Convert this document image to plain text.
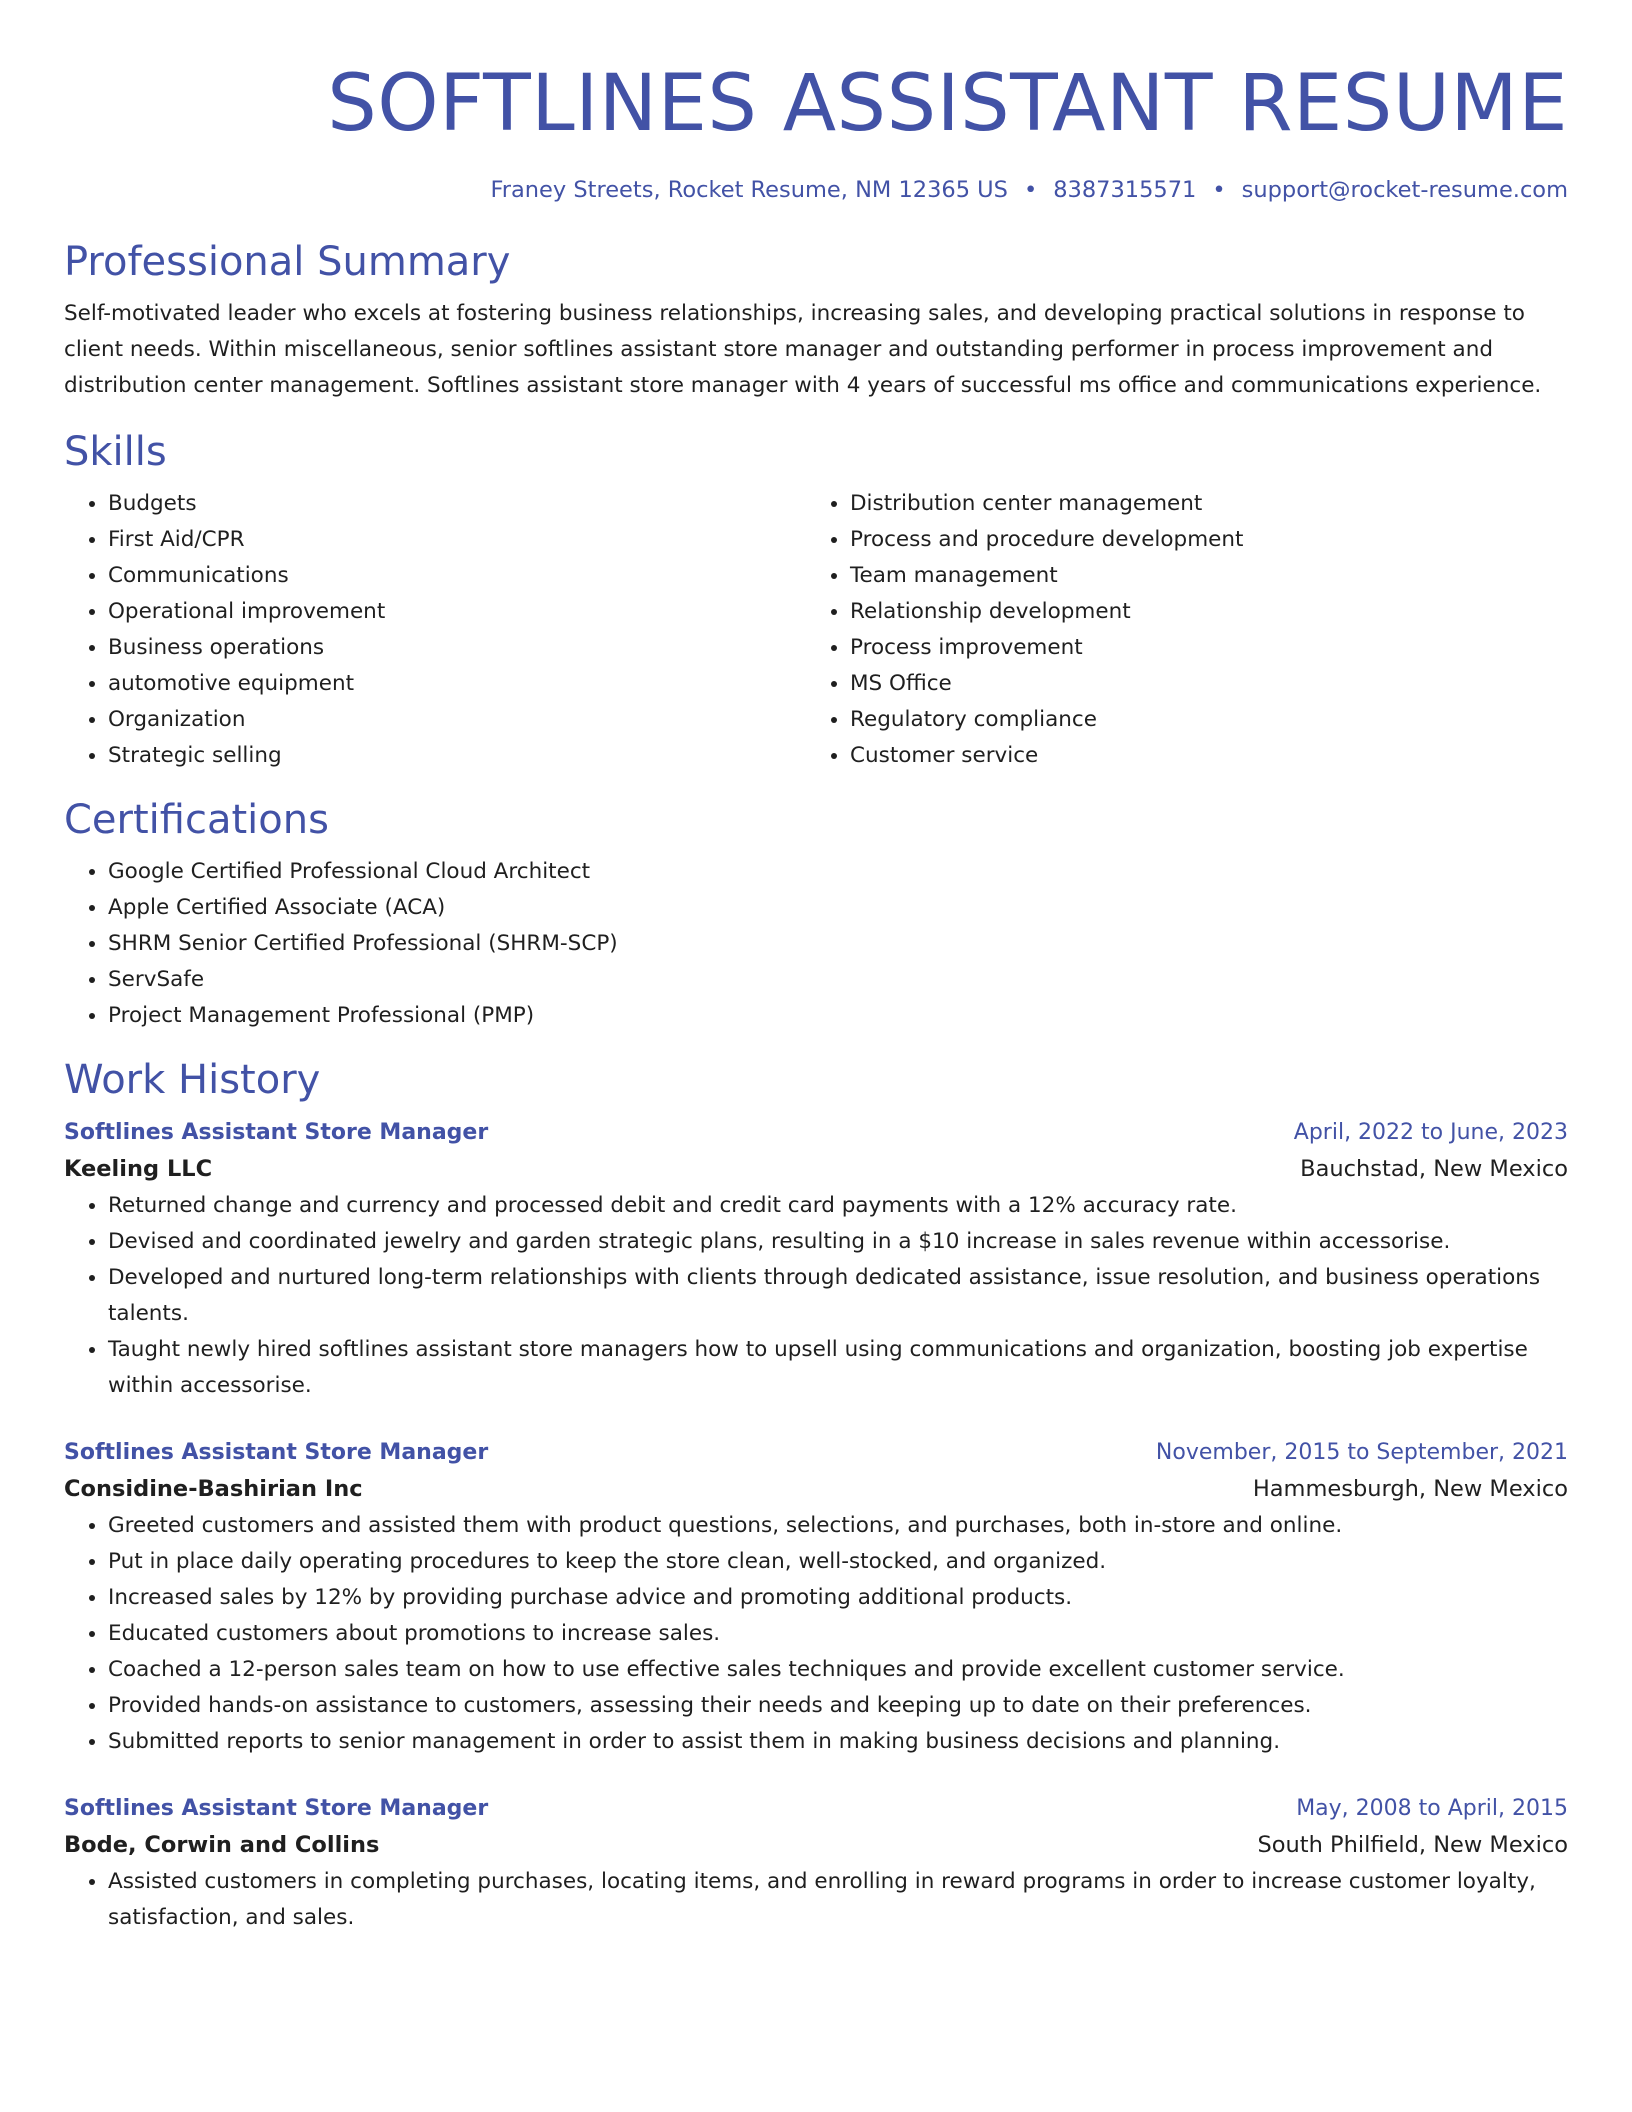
SOFTLINES ASSISTANT RESUME
Franey Streets, Rocket Resume, NM 12365 US • 8387315571 • support@rocket-resume.com
Professional Summary

Self-motivated leader who excels at fostering business relationships, increasing sales, and developing practical solutions in response to client needs. Within miscellaneous, senior softlines assistant store manager and outstanding performer in process improvement and distribution center management. Softlines assistant store manager with 4 years of successful ms office and communications experience.

Skills
• Budgets
• First Aid/CPR
• Communications
• Operational improvement
• Business operations
• automotive equipment
• Organization
• Strategic selling
• Distribution center management
• Process and procedure development
• Team management
• Relationship development
• Process improvement
• MS Office
• Regulatory compliance
• Customer service
Certifications
• Google Certified Professional Cloud Architect
• Apple Certified Associate (ACA)
• SHRM Senior Certified Professional (SHRM-SCP)
• ServSafe
• Project Management Professional (PMP)
Work History
Softlines Assistant Store Manager	April, 2022 to June, 2023
Keeling LLC	Bauchstad, New Mexico
• Returned change and currency and processed debit and credit card payments with a 12% accuracy rate.
• Devised and coordinated jewelry and garden strategic plans, resulting in a $10 increase in sales revenue within accessorise.
• Developed and nurtured long-term relationships with clients through dedicated assistance, issue resolution, and business operations talents.
• Taught newly hired softlines assistant store managers how to upsell using communications and organization, boosting job expertise within accessorise.
Softlines Assistant Store Manager	November, 2015 to September, 2021
Considine-Bashirian Inc	Hammesburgh, New Mexico
• Greeted customers and assisted them with product questions, selections, and purchases, both in-store and online.
• Put in place daily operating procedures to keep the store clean, well-stocked, and organized.
• Increased sales by 12% by providing purchase advice and promoting additional products.
• Educated customers about promotions to increase sales.
• Coached a 12-person sales team on how to use effective sales techniques and provide excellent customer service.
• Provided hands-on assistance to customers, assessing their needs and keeping up to date on their preferences.
• Submitted reports to senior management in order to assist them in making business decisions and planning.
Softlines Assistant Store Manager	May, 2008 to April, 2015
Bode, Corwin and Collins	South Philfield, New Mexico
• Assisted customers in completing purchases, locating items, and enrolling in reward programs in order to increase customer loyalty, satisfaction, and sales.
